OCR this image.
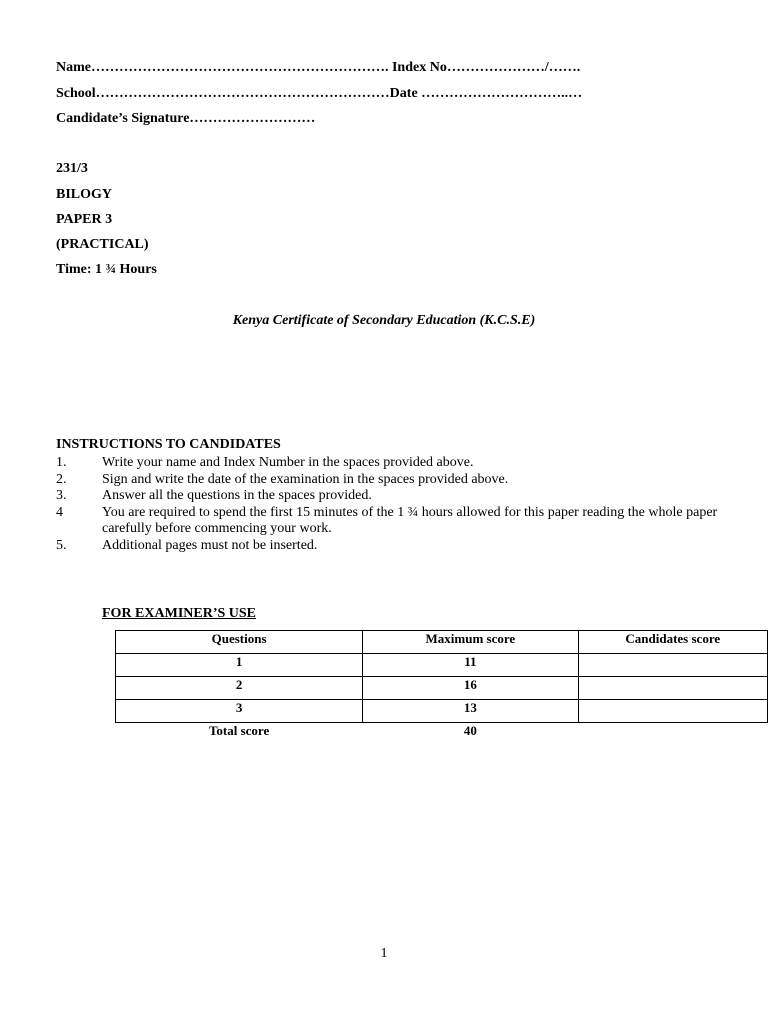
Name………………………………………………………. Index No…………………/…….
School………………………………………………………Date …………………………..…
Candidate’s Signature………………………
231/3
BILOGY
PAPER 3
(PRACTICAL)
Time: 1 ¾ Hours
Kenya Certificate of Secondary Education (K.C.S.E)
INSTRUCTIONS TO CANDIDATES
1.	Write your name and Index Number in the spaces provided above.
2.	Sign and write the date of the examination in the spaces provided above.
3.	Answer all the questions in the spaces provided.
4	You are required to spend the first 15 minutes of the 1 ¾ hours allowed for this paper reading the whole paper carefully before commencing your work.
5.	Additional pages must not be inserted.
FOR EXAMINER’S USE
Questions	Maximum score	Candidates score
1	11	
2	16	
3	13	
Total score	40	
1
